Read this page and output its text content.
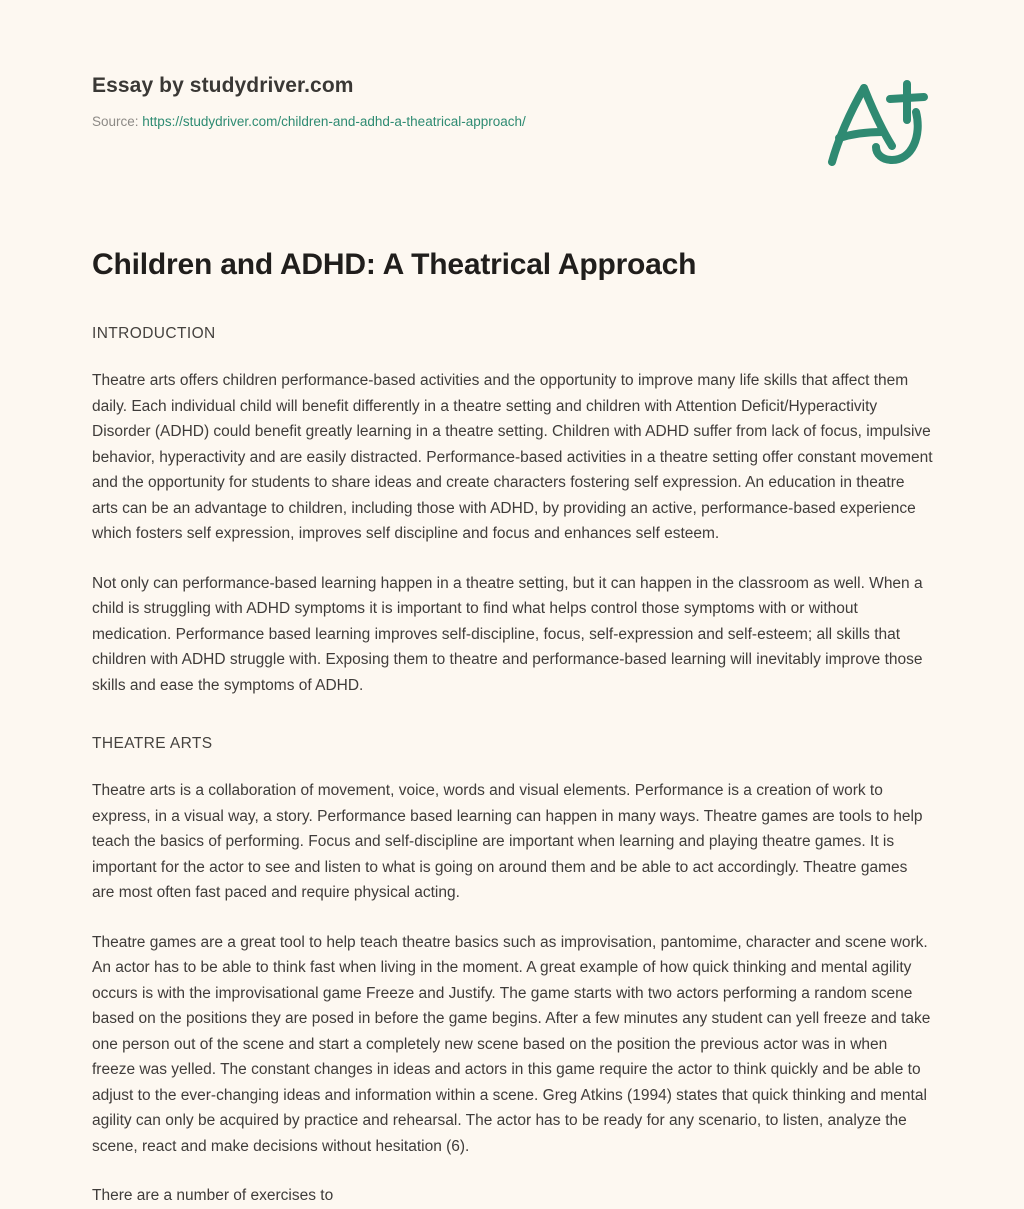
Essay by studydriver.com
Source: https://studydriver.com/children-and-adhd-a-theatrical-approach/
Children and ADHD: A Theatrical Approach
INTRODUCTION

Theatre arts offers children performance-based activities and the opportunity to improve many life skills that affect them daily. Each individual child will benefit differently in a theatre setting and children with Attention Deficit/Hyperactivity Disorder (ADHD) could benefit greatly learning in a theatre setting. Children with ADHD suffer from lack of focus, impulsive behavior, hyperactivity and are easily distracted. Performance-based activities in a theatre setting offer constant movement and the opportunity for students to share ideas and create characters fostering self expression. An education in theatre arts can be an advantage to children, including those with ADHD, by providing an active, performance-based experience which fosters self expression, improves self discipline and focus and enhances self esteem.

Not only can performance-based learning happen in a theatre setting, but it can happen in the classroom as well. When a child is struggling with ADHD symptoms it is important to find what helps control those symptoms with or without medication. Performance based learning improves self-discipline, focus, self-expression and self-esteem; all skills that children with ADHD struggle with. Exposing them to theatre and performance-based learning will inevitably improve those skills and ease the symptoms of ADHD.

THEATRE ARTS

Theatre arts is a collaboration of movement, voice, words and visual elements. Performance is a creation of work to express, in a visual way, a story. Performance based learning can happen in many ways. Theatre games are tools to help teach the basics of performing. Focus and self-discipline are important when learning and playing theatre games. It is important for the actor to see and listen to what is going on around them and be able to act accordingly. Theatre games are most often fast paced and require physical acting.

Theatre games are a great tool to help teach theatre basics such as improvisation, pantomime, character and scene work. An actor has to be able to think fast when living in the moment. A great example of how quick thinking and mental agility occurs is with the improvisational game Freeze and Justify. The game starts with two actors performing a random scene based on the positions they are posed in before the game begins. After a few minutes any student can yell freeze and take one person out of the scene and start a completely new scene based on the position the previous actor was in when freeze was yelled. The constant changes in ideas and actors in this game require the actor to think quickly and be able to adjust to the ever-changing ideas and information within a scene. Greg Atkins (1994) states that quick thinking and mental agility can only be acquired by practice and rehearsal. The actor has to be ready for any scenario, to listen, analyze the scene, react and make decisions without hesitation (6).

There are a number of exercises to
